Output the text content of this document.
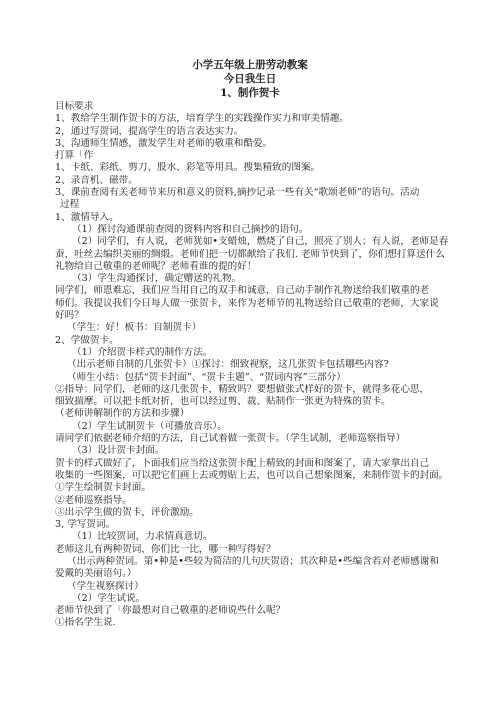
小学五年级上册劳动教案
今日我生日
1、制作贺卡
目标要求
1、教给学生制作贺卡的方法，培育学生的实践操作实力和审美情趣。
2，通过写贺词，提高学生的语言表达实力。
3、沟通师生情感，激发学生对老师的敬重和酷爱。
打算「作
1、卡纸、彩纸、剪刀、股水、彩笔等用具。搜集精致的图案。
2、录音机、磁带。
3、课前查阅有关老师节来历和意义的资料,摘抄记录一些有关“歌颂老师”的语句。活动
过程
1、激情导入。
（1）探讨沟通课前查阅的资料内容和自己摘抄的语句。
（2）同学们，有人说，老师犹如•支蜡烛，燃烧了自己，照亮了别人；有人说，老师是春
蚕，吐丝去编织美丽的绸缎。老师们把一切都献给了我们. 老师节快到了，你们想打算送什么
礼物给自己敬重的老师呢？老师看谁的提的好！
（3）学生沟通探讨，确定赠送的礼物。
同学们，师恩难忘，我们应当用自己的双手和诚意，自己动手制作礼物送给我们敬重的老
师们。我提议我们今日每人做一张贺卡，来作为老师节的礼物送给自己敬重的老师，大家说
好吗？
（学生：好！板书：自制贺卡）
2、学做贺卡。
（1）介绍贺卡样式的制作方法。
（出示老师自制的几张贺卡）①探讨：细致视察，这几张贺卡包括哪些内容?
（师生小结：包括“贺卡封面”、“贺卡主题”、“贺词内容”三部分）
②指导：同学们，老师的这几张贺卡，精致吗？要想做张式样好的贺卡，就得多花心思，
细致揣摩。可以把卡纸对折，也可以经过剪、裁、贴制作一张更为特殊的贺卡。
（老师讲解制作的方法和步骤）
（2）学生试制贺卡（可播放音乐）。
请同学们依据老师介绍的方法，自己试着做一张贺卡。（学生试制，老师巡察指导）
（3）设计贺卡封面。
贺卡的样式做好了，卜面我们应当给这张贺卡配上精致的封面和图案了，请大家拿出自己
收集的一些图案，可以把它们画上去或剪贴上去，也可以自己想象图案，来制作贺卡的封面。
①学生绘制贺卡封面。
②老师巡察指导。
③出示学生做的贺卡，评价激励。
3, 学写贺词。
（1）比较贺词，力求情真意切。
老师这儿有两种贺词，你们比一比，哪一种写得好？
（出示两种贺词。第•种是•些较为简洁的几句庆贺语；其次种是•些编含若对老师感谢和
爱戴的美丽语句。）
（学生视察探讨）
（2）学生试说。
老师节快到了「你最想对自己敬重的老师说些什么呢？
①指名学生说.
